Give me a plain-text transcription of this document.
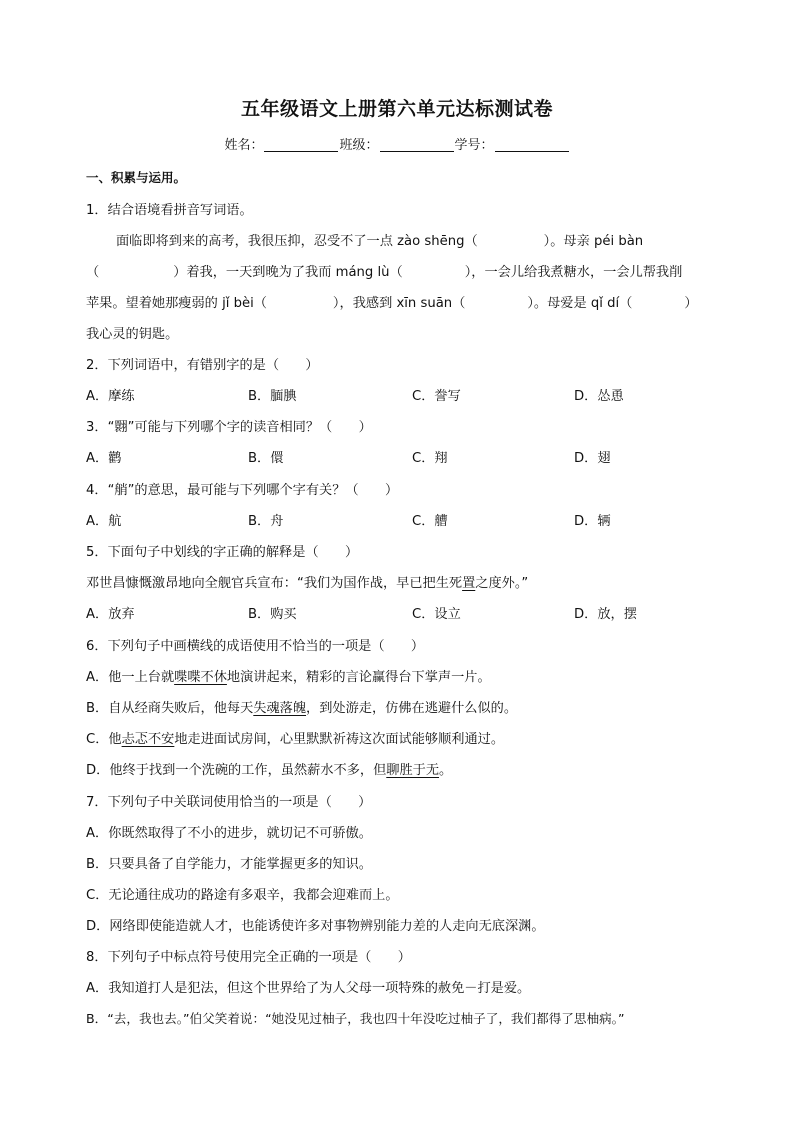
五年级语文上册第六单元达标测试卷
姓名：	班级：	学号：
一、积累与运用。
1．结合语境看拼音写词语。
面临即将到来的高考，我很压抑，忍受不了一点 zào shēng（	）。母亲 péi bàn
（	）着我，一天到晚为了我而 máng lù（	），一会儿给我煮糖水，一会儿帮我削
苹果。望着她那瘦弱的 jǐ bèi（	），我感到 xīn suān（	）。母爱是 qǐ dí（	）
我心灵的钥匙。
2．下列词语中，有错别字的是（　　）
A．摩练	B．腼腆	C．誊写	D．怂恿
3．“翾”可能与下列哪个字的读音相同？（　　）
A．鹳	B．儇	C．翔	D．翅
4．“艄”的意思，最可能与下列哪个字有关？（　　）
A．航	B．舟	C．艚	D．辆
5．下面句子中划线的字正确的解释是（　　）
邓世昌慷慨激昂地向全舰官兵宣布：“我们为国作战，早已把生死置之度外。”
A．放弃	B．购买	C．设立	D．放，摆
6．下列句子中画横线的成语使用不恰当的一项是（　　）
A．他一上台就喋喋不休地演讲起来，精彩的言论赢得台下掌声一片。
B．自从经商失败后，他每天失魂落魄，到处游走，仿佛在逃避什么似的。
C．他忐忑不安地走进面试房间，心里默默祈祷这次面试能够顺利通过。
D．他终于找到一个洗碗的工作，虽然薪水不多，但聊胜于无。
7．下列句子中关联词使用恰当的一项是（　　）
A．你既然取得了不小的进步，就切记不可骄傲。
B．只要具备了自学能力，才能掌握更多的知识。
C．无论通往成功的路途有多艰辛，我都会迎难而上。
D．网络即使能造就人才，也能诱使许多对事物辨别能力差的人走向无底深渊。
8．下列句子中标点符号使用完全正确的一项是（　　）
A．我知道打人是犯法，但这个世界给了为人父母一项特殊的赦免－打是爱。
B．“去，我也去。”伯父笑着说：“她没见过柚子，我也四十年没吃过柚子了，我们都得了思柚病。”
